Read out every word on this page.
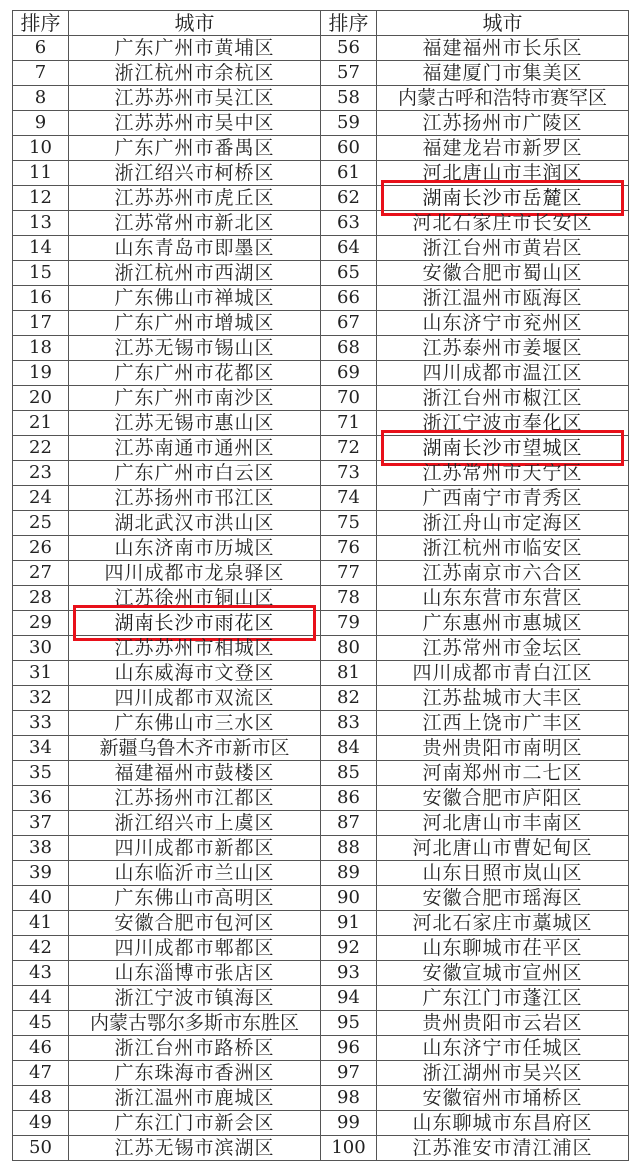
排序	城市	排序	城市
6	广东广州市黄埔区	56	福建福州市长乐区
7	浙江杭州市余杭区	57	福建厦门市集美区
8	江苏苏州市吴江区	58	内蒙古呼和浩特市赛罕区
9	江苏苏州市吴中区	59	江苏扬州市广陵区
10	广东广州市番禺区	60	福建龙岩市新罗区
11	浙江绍兴市柯桥区	61	河北唐山市丰润区
12	江苏苏州市虎丘区	62	湖南长沙市岳麓区
13	江苏常州市新北区	63	河北石家庄市长安区
14	山东青岛市即墨区	64	浙江台州市黄岩区
15	浙江杭州市西湖区	65	安徽合肥市蜀山区
16	广东佛山市禅城区	66	浙江温州市瓯海区
17	广东广州市增城区	67	山东济宁市兖州区
18	江苏无锡市锡山区	68	江苏泰州市姜堰区
19	广东广州市花都区	69	四川成都市温江区
20	广东广州市南沙区	70	浙江台州市椒江区
21	江苏无锡市惠山区	71	浙江宁波市奉化区
22	江苏南通市通州区	72	湖南长沙市望城区
23	广东广州市白云区	73	江苏常州市天宁区
24	江苏扬州市邗江区	74	广西南宁市青秀区
25	湖北武汉市洪山区	75	浙江舟山市定海区
26	山东济南市历城区	76	浙江杭州市临安区
27	四川成都市龙泉驿区	77	江苏南京市六合区
28	江苏徐州市铜山区	78	山东东营市东营区
29	湖南长沙市雨花区	79	广东惠州市惠城区
30	江苏苏州市相城区	80	江苏常州市金坛区
31	山东威海市文登区	81	四川成都市青白江区
32	四川成都市双流区	82	江苏盐城市大丰区
33	广东佛山市三水区	83	江西上饶市广丰区
34	新疆乌鲁木齐市新市区	84	贵州贵阳市南明区
35	福建福州市鼓楼区	85	河南郑州市二七区
36	江苏扬州市江都区	86	安徽合肥市庐阳区
37	浙江绍兴市上虞区	87	河北唐山市丰南区
38	四川成都市新都区	88	河北唐山市曹妃甸区
39	山东临沂市兰山区	89	山东日照市岚山区
40	广东佛山市高明区	90	安徽合肥市瑶海区
41	安徽合肥市包河区	91	河北石家庄市藁城区
42	四川成都市郫都区	92	山东聊城市茌平区
43	山东淄博市张店区	93	安徽宣城市宣州区
44	浙江宁波市镇海区	94	广东江门市蓬江区
45	内蒙古鄂尔多斯市东胜区	95	贵州贵阳市云岩区
46	浙江台州市路桥区	96	山东济宁市任城区
47	广东珠海市香洲区	97	浙江湖州市吴兴区
48	浙江温州市鹿城区	98	安徽宿州市埇桥区
49	广东江门市新会区	99	山东聊城市东昌府区
50	江苏无锡市滨湖区	100	江苏淮安市清江浦区
